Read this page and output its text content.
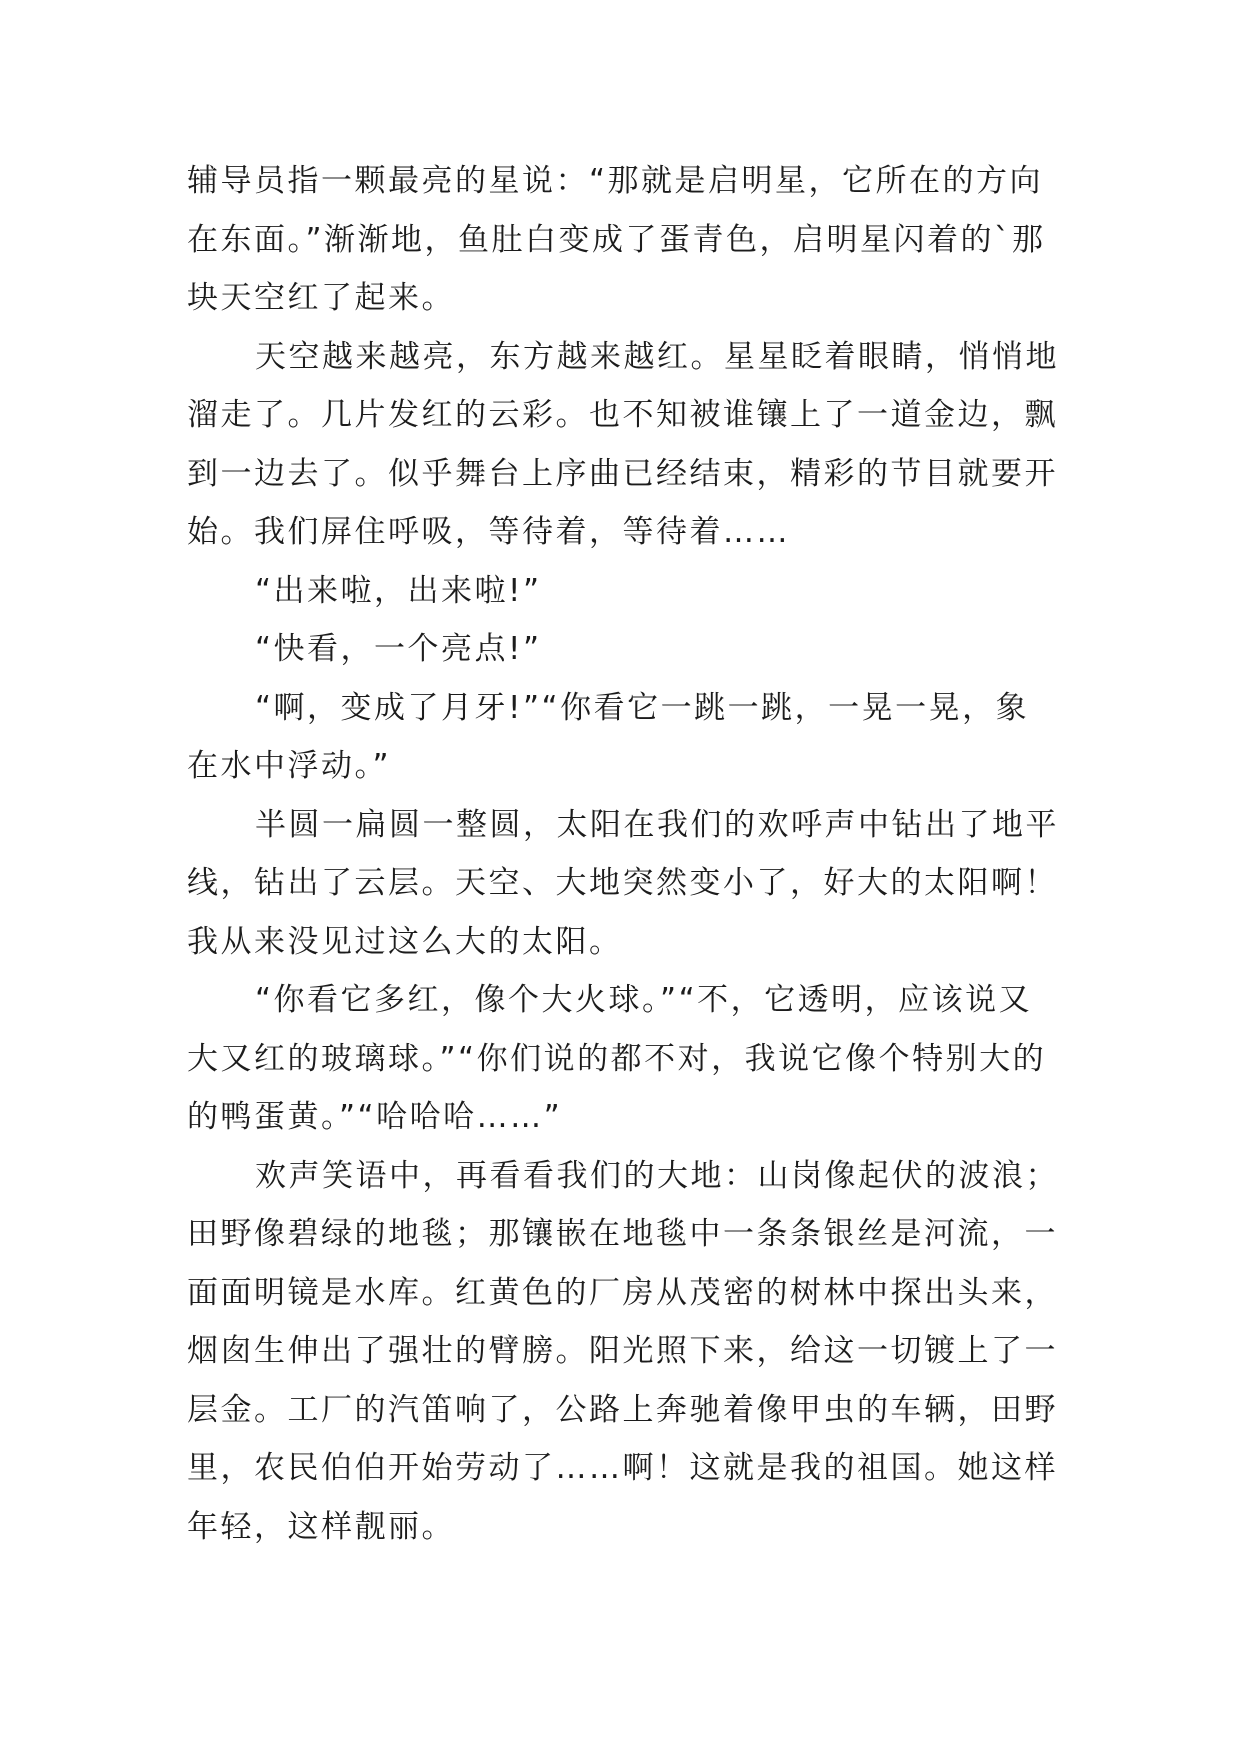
辅导员指一颗最亮的星说：“那就是启明星，它所在的方向
在东面。”渐渐地，鱼肚白变成了蛋青色，启明星闪着的`那
块天空红了起来。
天空越来越亮，东方越来越红。星星眨着眼睛，悄悄地
溜走了。几片发红的云彩。也不知被谁镶上了一道金边，飘
到一边去了。似乎舞台上序曲已经结束，精彩的节目就要开
始。我们屏住呼吸，等待着，等待着……
“出来啦，出来啦!”
“快看，一个亮点!”
“啊，变成了月牙!”“你看它一跳一跳，一晃一晃，象
在水中浮动。”
半圆一扁圆一整圆，太阳在我们的欢呼声中钻出了地平
线，钻出了云层。天空、大地突然变小了，好大的太阳啊！
我从来没见过这么大的太阳。
“你看它多红，像个大火球。”“不，它透明，应该说又
大又红的玻璃球。”“你们说的都不对，我说它像个特别大的
的鸭蛋黄。”“哈哈哈……”
欢声笑语中，再看看我们的大地：山岗像起伏的波浪；
田野像碧绿的地毯；那镶嵌在地毯中一条条银丝是河流，一
面面明镜是水库。红黄色的厂房从茂密的树林中探出头来，
烟囱生伸出了强壮的臂膀。阳光照下来，给这一切镀上了一
层金。工厂的汽笛响了，公路上奔驰着像甲虫的车辆，田野
里，农民伯伯开始劳动了……啊！这就是我的祖国。她这样
年轻，这样靓丽。
